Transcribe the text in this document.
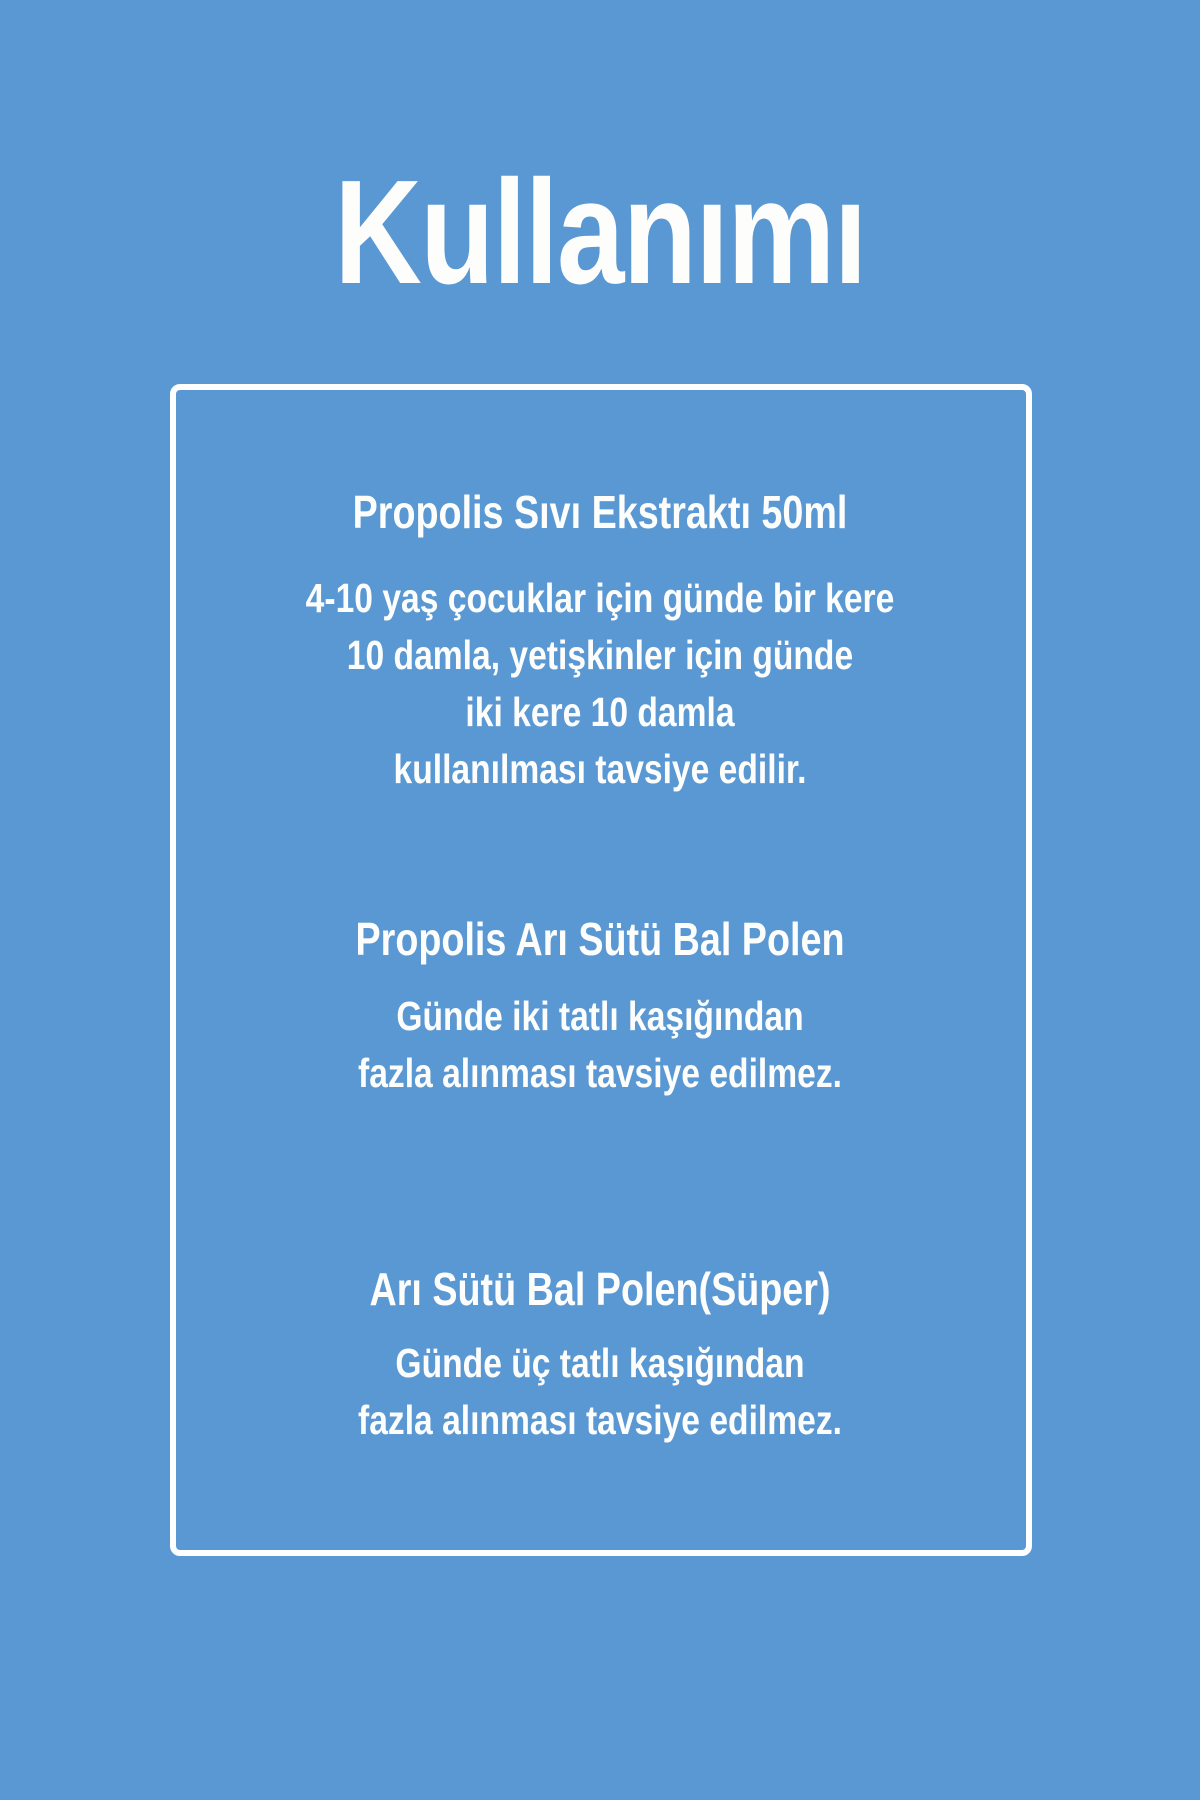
Kullanımı
Propolis Sıvı Ekstraktı 50ml
4-10 yaş çocuklar için günde bir kere
10 damla, yetişkinler için günde
iki kere 10 damla
kullanılması tavsiye edilir.
Propolis Arı Sütü Bal Polen
Günde iki tatlı kaşığından
fazla alınması tavsiye edilmez.
Arı Sütü Bal Polen(Süper)
Günde üç tatlı kaşığından
fazla alınması tavsiye edilmez.
